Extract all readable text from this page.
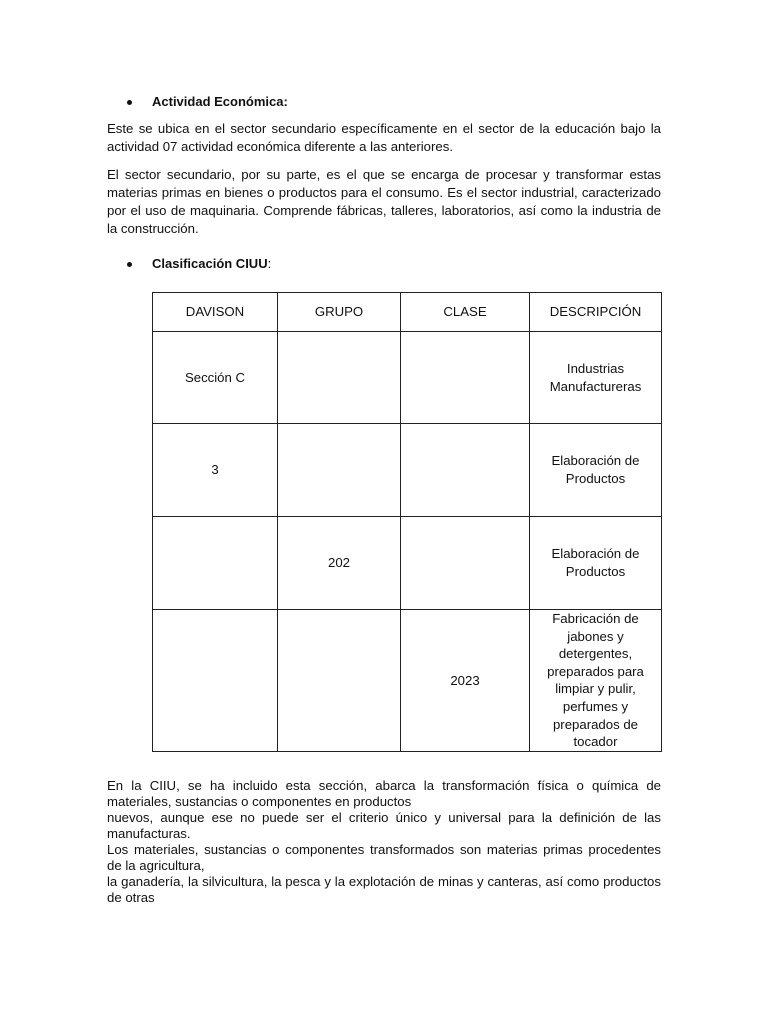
Actividad Económica:

Este se ubica en el sector secundario específicamente en el sector de la educación bajo la actividad 07 actividad económica diferente a las anteriores.

El sector secundario, por su parte, es el que se encarga de procesar y transformar estas materias primas en bienes o productos para el consumo. Es el sector industrial, caracterizado por el uso de maquinaria. Comprende fábricas, talleres, laboratorios, así como la industria de la construcción.

Clasificación CIUU:
DAVISON	GRUPO	CLASE	DESCRIPCIÓN
Sección C			Industrias Manufactureras
3			Elaboración de Productos
	202		Elaboración de Productos
		2023	Fabricación de jabones y detergentes, preparados para limpiar y pulir, perfumes y preparados de tocador

En la CIIU, se ha incluido esta sección, abarca la transformación física o química de materiales, sustancias o componentes en productos

nuevos, aunque ese no puede ser el criterio único y universal para la definición de las manufacturas.

Los materiales, sustancias o componentes transformados son materias primas procedentes de la agricultura,

la ganadería, la silvicultura, la pesca y la explotación de minas y canteras, así como productos de otras
